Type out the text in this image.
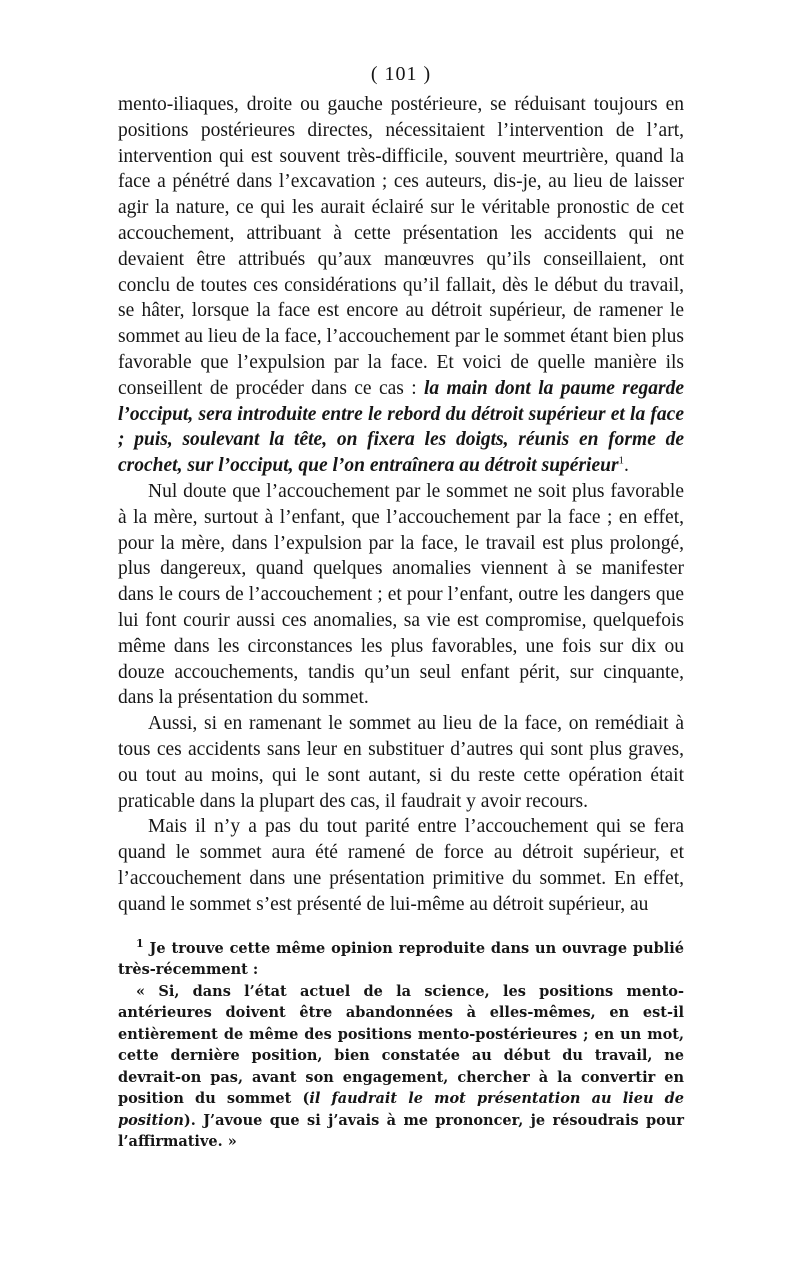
( 101 )

mento-iliaques, droite ou gauche postérieure, se réduisant toujours en positions postérieures directes, nécessitaient l’intervention de l’art, intervention qui est souvent très-difficile, souvent meurtrière, quand la face a pénétré dans l’excavation ; ces auteurs, dis-je, au lieu de laisser agir la nature, ce qui les aurait éclairé sur le véritable pronostic de cet accouchement, attribuant à cette présentation les accidents qui ne devaient être attribués qu’aux manœuvres qu’ils conseillaient, ont conclu de toutes ces considérations qu’il fallait, dès le début du travail, se hâter, lorsque la face est encore au détroit supérieur, de ramener le sommet au lieu de la face, l’accouchement par le sommet étant bien plus favorable que l’expulsion par la face. Et voici de quelle manière ils conseillent de procéder dans ce cas : la main dont la paume regarde l’occiput, sera introduite entre le rebord du détroit supérieur et la face ; puis, soulevant la tête, on fixera les doigts, réunis en forme de crochet, sur l’occiput, que l’on entraînera au détroit supérieur$^1$.

Nul doute que l’accouchement par le sommet ne soit plus favorable à la mère, surtout à l’enfant, que l’accouchement par la face ; en effet, pour la mère, dans l’expulsion par la face, le travail est plus prolongé, plus dangereux, quand quelques anomalies viennent à se manifester dans le cours de l’accouchement ; et pour l’enfant, outre les dangers que lui font courir aussi ces anomalies, sa vie est compromise, quelquefois même dans les circonstances les plus favorables, une fois sur dix ou douze accouchements, tandis qu’un seul enfant périt, sur cinquante, dans la présentation du sommet.

Aussi, si en ramenant le sommet au lieu de la face, on remédiait à tous ces accidents sans leur en substituer d’autres qui sont plus graves, ou tout au moins, qui le sont autant, si du reste cette opération était praticable dans la plupart des cas, il faudrait y avoir recours.

Mais il n’y a pas du tout parité entre l’accouchement qui se fera quand le sommet aura été ramené de force au détroit supérieur, et l’accouchement dans une présentation primitive du sommet. En effet, quand le sommet s’est présenté de lui-même au détroit supérieur, au

$^1$ Je trouve cette même opinion reproduite dans un ouvrage publié très-récemment :

« Si, dans l’état actuel de la science, les positions mento-antérieures doivent être abandonnées à elles-mêmes, en est-il entièrement de même des positions mento-postérieures ; en un mot, cette dernière position, bien constatée au début du travail, ne devrait-on pas, avant son engagement, chercher à la convertir en position du sommet (il faudrait le mot présentation au lieu de position). J’avoue que si j’avais à me prononcer, je résoudrais pour l’affirmative. »
